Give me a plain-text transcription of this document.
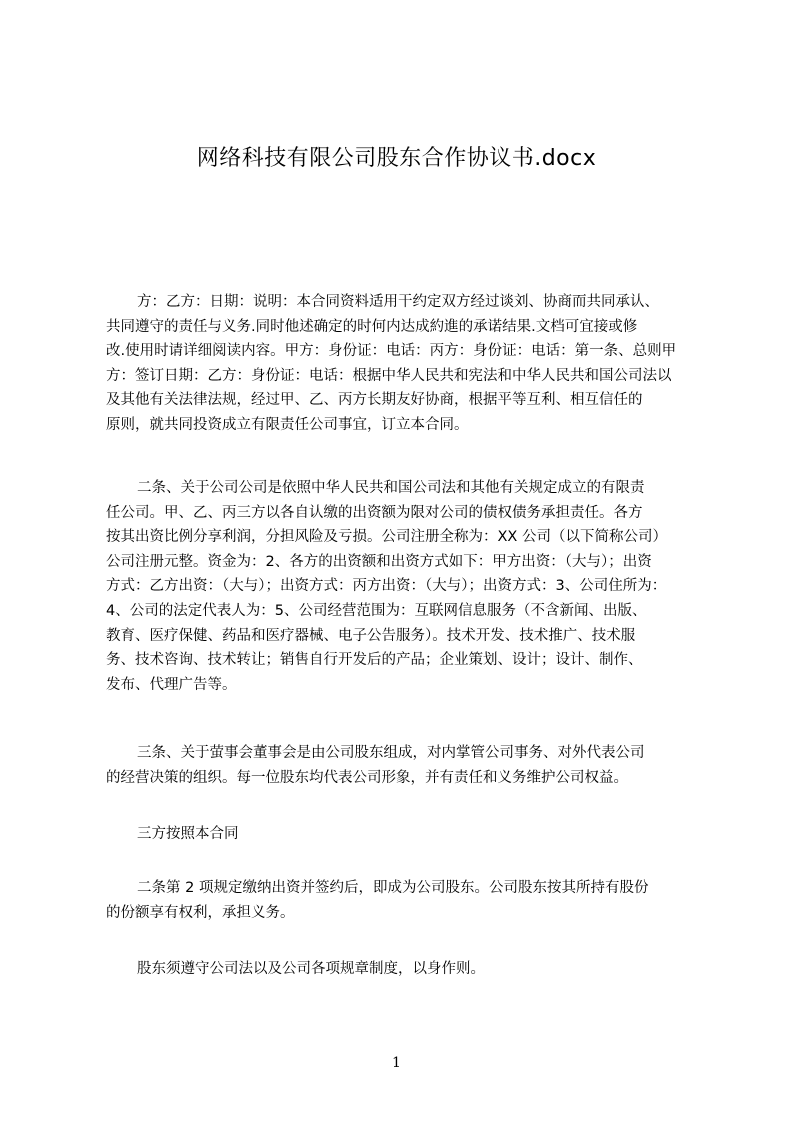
网络科技有限公司股东合作协议书.docx
方：乙方：日期：说明：本合同资料适用干约定双方经过谈刘、协商而共同承认、
共同遵守的责任与义务.同时他述确定的时何内达成約進的承诺结果.文档可宜接或修
改.使用时请详细阅读内容。甲方：身份证：电话：丙方：身份证：电话：第一条、总则甲
方：签订日期：乙方：身份证：电话：根据中华人民共和宪法和中华人民共和国公司法以
及其他有关法律法规，经过甲、乙、丙方长期友好协商，根据平等互利、相互信任的
原则，就共同投资成立有限责任公司事宜，订立本合同。
二条、关于公司公司是依照中华人民共和国公司法和其他有关规定成立的有限责
任公司。甲、乙、丙三方以各自认缴的出资额为限对公司的债权债务承担责任。各方
按其出资比例分享利润，分担风险及亏损。公司注册全称为：XX 公司（以下简称公司）
公司注册元整。资金为：2、各方的出资额和出资方式如下：甲方出资：（大与）；出资
方式：乙方出资：（大与）；出资方式：丙方出资：（大与）；出资方式：3、公司住所为：
4、公司的法定代表人为：5、公司经营范围为：互联网信息服务（不含新闻、出版、
教育、医疗保健、药品和医疗器械、电子公告服务）。技术开发、技术推广、技术服
务、技术咨询、技术转让；销售自行开发后的产品；企业策划、设计；设计、制作、
发布、代理广告等。
三条、关于萤事会董事会是由公司股东组成，对内掌管公司事务、对外代表公司
的经营决策的组织。每一位股东均代表公司形象，并有责任和义务维护公司权益。
三方按照本合同
二条第 2 项规定缴纳出资并签约后，即成为公司股东。公司股东按其所持有股份
的份额享有权利，承担义务。
股东须遵守公司法以及公司各项规章制度，以身作则。
1
